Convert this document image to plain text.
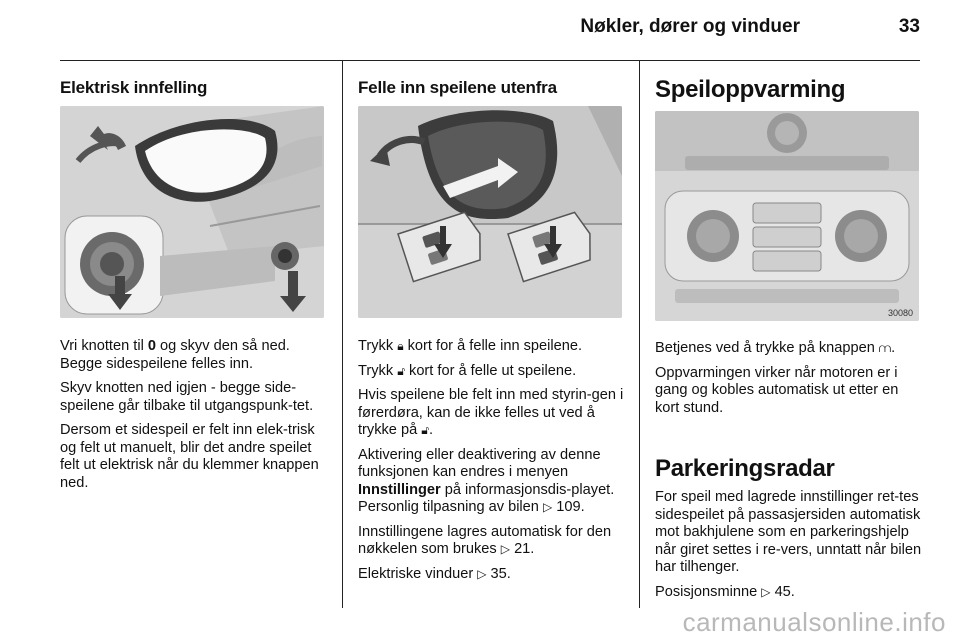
Nøkler, dører og vinduer	33
Elektrisk innfelling

Vri knotten til 0 og skyv den så ned. Begge sidespeilene felles inn.

Skyv knotten ned igjen - begge side-speilene går tilbake til utgangspunk-tet.

Dersom et sidespeil er felt inn elek-trisk og felt ut manuelt, blir det andre speilet felt ut elektrisk når du klemmer knappen ned.

Felle inn speilene utenfra

Trykk 🔒︎ kort for å felle inn speilene.

Trykk 🔓︎ kort for å felle ut speilene.

Hvis speilene ble felt inn med styrin-gen i førerdøra, kan de ikke felles ut ved å trykke på 🔓︎.

Aktivering eller deaktivering av denne funksjonen kan endres i menyen Innstillinger på informasjonsdis-playet. Personlig tilpasning av bilen ▷ 109.

Innstillingene lagres automatisk for den nøkkelen som brukes ▷ 21.

Elektriske vinduer ▷ 35.

Speiloppvarming
30080

Betjenes ved å trykke på knappen ⩋.

Oppvarmingen virker når motoren er i gang og kobles automatisk ut etter en kort stund.

Parkeringsradar

For speil med lagrede innstillinger ret-tes sidespeilet på passasjersiden automatisk mot bakhjulene som en parkeringshjelp når giret settes i re-vers, unntatt når bilen har tilhenger.

Posisjonsminne ▷ 45.

carmanualsonline.info
